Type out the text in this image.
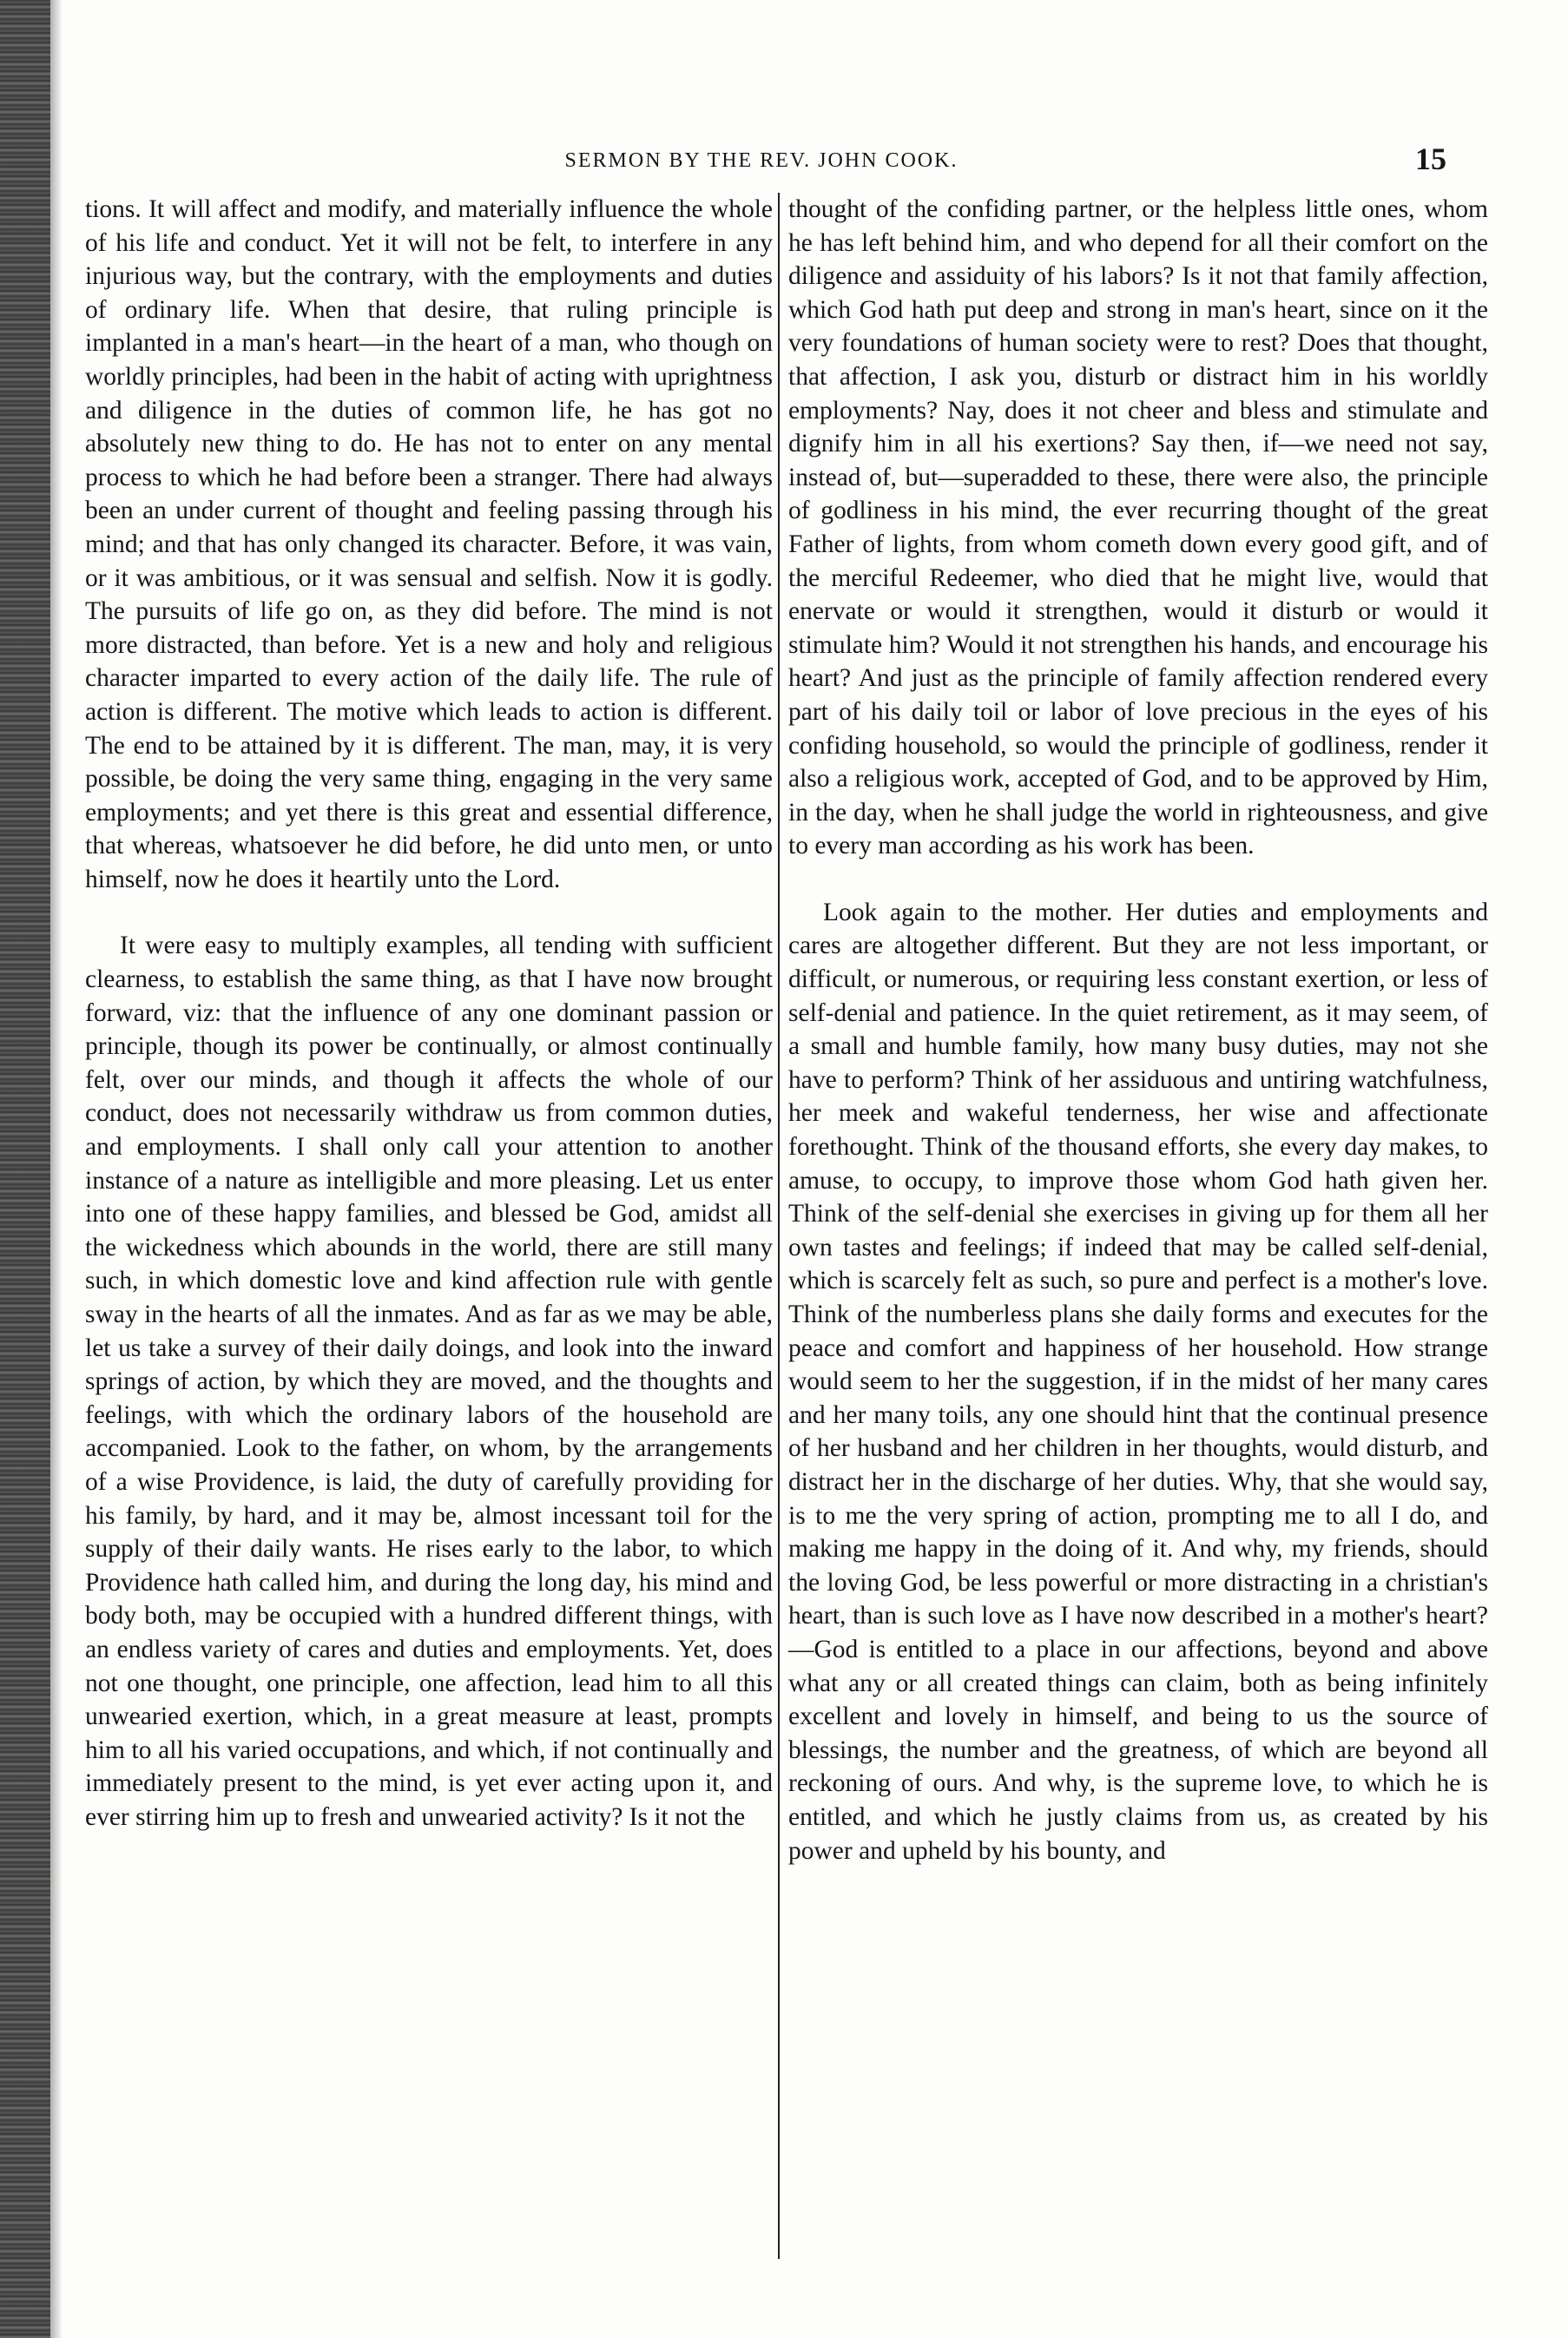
SERMON BY THE REV. JOHN COOK.	15

tions. It will affect and modify, and materially influence the whole of his life and conduct. Yet it will not be felt, to interfere in any injurious way, but the contrary, with the employments and duties of ordinary life. When that desire, that ruling principle is implanted in a man's heart—in the heart of a man, who though on worldly principles, had been in the habit of acting with uprightness and diligence in the duties of common life, he has got no absolutely new thing to do. He has not to enter on any mental process to which he had before been a stranger. There had always been an under current of thought and feeling passing through his mind; and that has only changed its character. Before, it was vain, or it was ambitious, or it was sensual and selfish. Now it is godly. The pursuits of life go on, as they did before. The mind is not more distracted, than before. Yet is a new and holy and religious character imparted to every action of the daily life. The rule of action is different. The motive which leads to action is different. The end to be attained by it is different. The man, may, it is very possible, be doing the very same thing, engaging in the very same employments; and yet there is this great and essential difference, that whereas, whatsoever he did before, he did unto men, or unto himself, now he does it heartily unto the Lord.

It were easy to multiply examples, all tending with sufficient clearness, to establish the same thing, as that I have now brought forward, viz: that the influence of any one dominant passion or principle, though its power be continually, or almost continually felt, over our minds, and though it affects the whole of our conduct, does not necessarily withdraw us from common duties, and employments. I shall only call your attention to another instance of a nature as intelligible and more pleasing. Let us enter into one of these happy families, and blessed be God, amidst all the wickedness which abounds in the world, there are still many such, in which domestic love and kind affection rule with gentle sway in the hearts of all the inmates. And as far as we may be able, let us take a survey of their daily doings, and look into the inward springs of action, by which they are moved, and the thoughts and feelings, with which the ordinary labors of the household are accompanied. Look to the father, on whom, by the arrangements of a wise Providence, is laid, the duty of carefully providing for his family, by hard, and it may be, almost incessant toil for the supply of their daily wants. He rises early to the labor, to which Providence hath called him, and during the long day, his mind and body both, may be occupied with a hundred different things, with an endless variety of cares and duties and employments. Yet, does not one thought, one principle, one affection, lead him to all this unwearied exertion, which, in a great measure at least, prompts him to all his varied occupations, and which, if not continually and immediately present to the mind, is yet ever acting upon it, and ever stirring him up to fresh and unwearied activity? Is it not the

thought of the confiding partner, or the helpless little ones, whom he has left behind him, and who depend for all their comfort on the diligence and assiduity of his labors? Is it not that family affection, which God hath put deep and strong in man's heart, since on it the very foundations of human society were to rest? Does that thought, that affection, I ask you, disturb or distract him in his worldly employments? Nay, does it not cheer and bless and stimulate and dignify him in all his exertions? Say then, if—we need not say, instead of, but—superadded to these, there were also, the principle of godliness in his mind, the ever recurring thought of the great Father of lights, from whom cometh down every good gift, and of the merciful Redeemer, who died that he might live, would that enervate or would it strengthen, would it disturb or would it stimulate him? Would it not strengthen his hands, and encourage his heart? And just as the principle of family affection rendered every part of his daily toil or labor of love precious in the eyes of his confiding household, so would the principle of godliness, render it also a religious work, accepted of God, and to be approved by Him, in the day, when he shall judge the world in righteousness, and give to every man according as his work has been.

Look again to the mother. Her duties and employments and cares are altogether different. But they are not less important, or difficult, or numerous, or requiring less constant exertion, or less of self-denial and patience. In the quiet retirement, as it may seem, of a small and humble family, how many busy duties, may not she have to perform? Think of her assiduous and untiring watchfulness, her meek and wakeful tenderness, her wise and affectionate forethought. Think of the thousand efforts, she every day makes, to amuse, to occupy, to improve those whom God hath given her. Think of the self-denial she exercises in giving up for them all her own tastes and feelings; if indeed that may be called self-denial, which is scarcely felt as such, so pure and perfect is a mother's love. Think of the numberless plans she daily forms and executes for the peace and comfort and happiness of her household. How strange would seem to her the suggestion, if in the midst of her many cares and her many toils, any one should hint that the continual presence of her husband and her children in her thoughts, would disturb, and distract her in the discharge of her duties. Why, that she would say, is to me the very spring of action, prompting me to all I do, and making me happy in the doing of it. And why, my friends, should the loving God, be less powerful or more distracting in a christian's heart, than is such love as I have now described in a mother's heart?—God is entitled to a place in our affections, beyond and above what any or all created things can claim, both as being infinitely excellent and lovely in himself, and being to us the source of blessings, the number and the greatness, of which are beyond all reckoning of ours. And why, is the supreme love, to which he is entitled, and which he justly claims from us, as created by his power and upheld by his bounty, and
